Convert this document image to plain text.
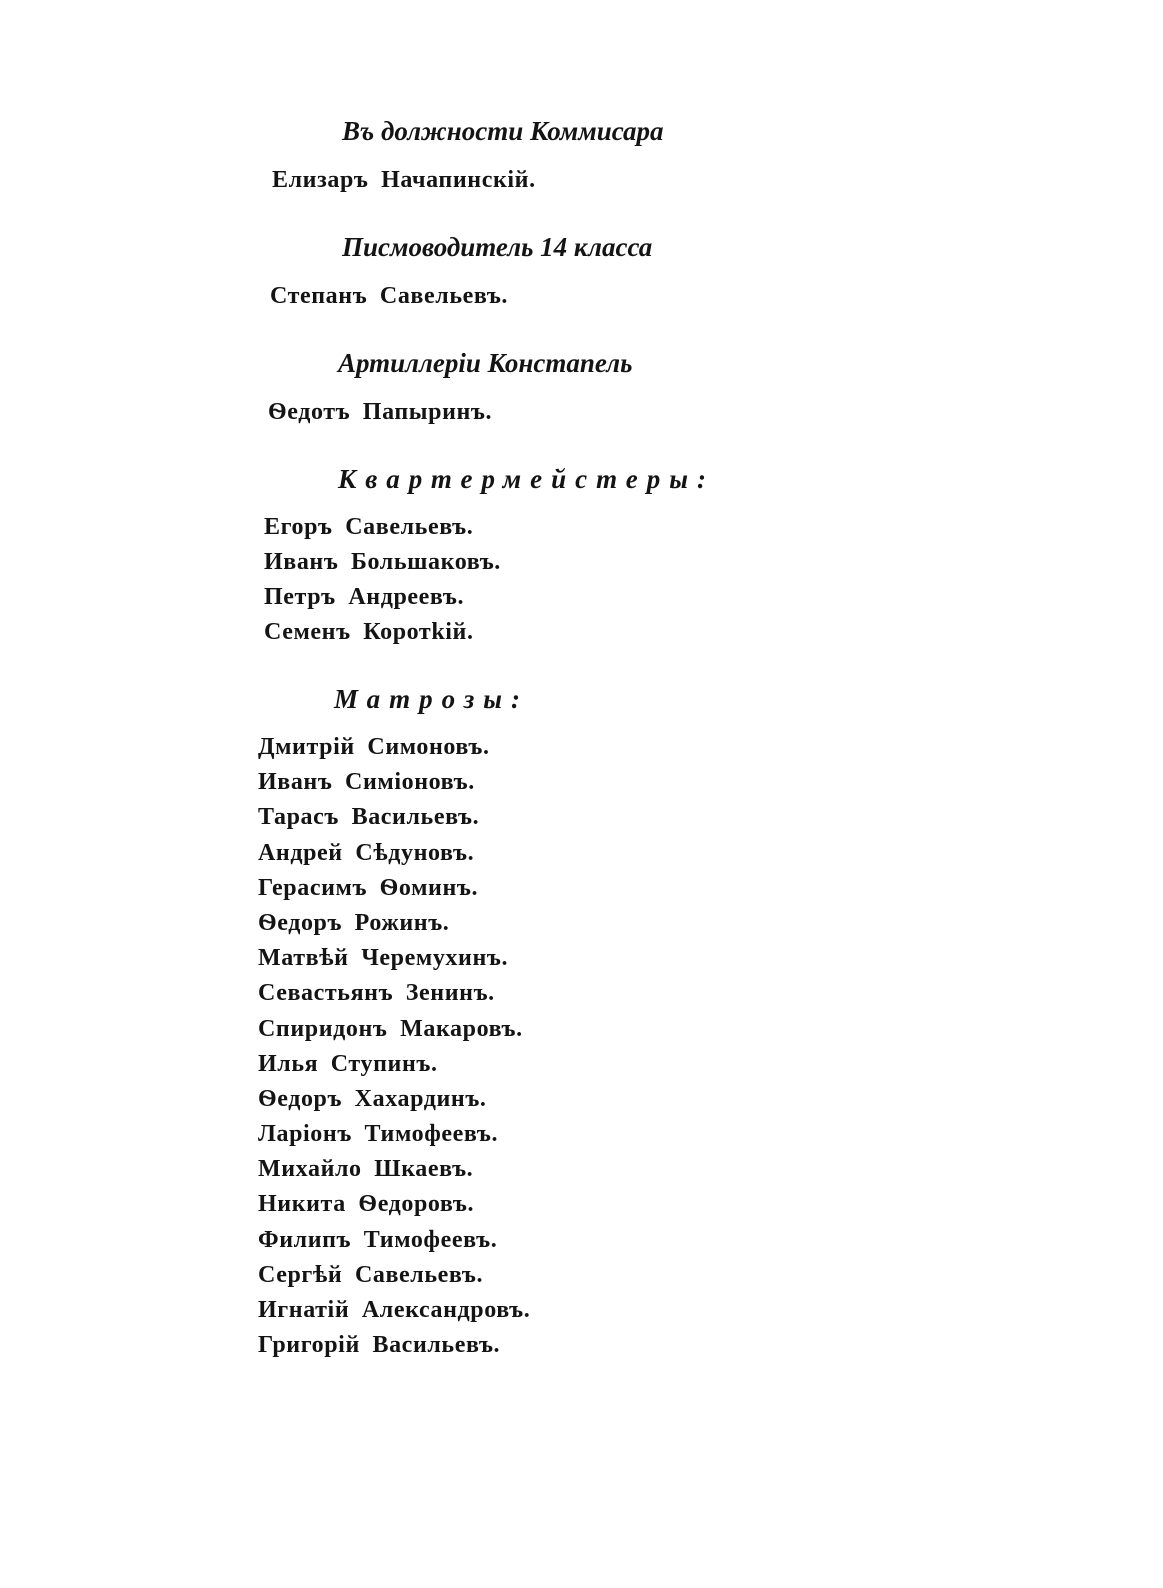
Въ должности Коммисара
Елизаръ Начапинскій.
Писмоводитель 14 класса
Степанъ Савельевъ.
Артиллеріи Констапель
Ѳедотъ Папыринъ.
Квартермейстеры:
Егоръ Савельевъ.
Иванъ Большаковъ.
Петръ Андреевъ.
Семенъ Коротkій.
Матрозы:
Дмитрій Симоновъ.
Иванъ Симіоновъ.
Тарасъ Васильевъ.
Андрей Сѣдуновъ.
Герасимъ Ѳоминъ.
Ѳедоръ Рожинъ.
Матвѣй Черемухинъ.
Севастьянъ Зенинъ.
Спиридонъ Макаровъ.
Илья Ступинъ.
Ѳедоръ Хахардинъ.
Ларіонъ Тимофеевъ.
Михайло Шкаевъ.
Никита Ѳедоровъ.
Филипъ Тимофеевъ.
Сергѣй Савельевъ.
Игнатій Александровъ.
Григорій Васильевъ.
